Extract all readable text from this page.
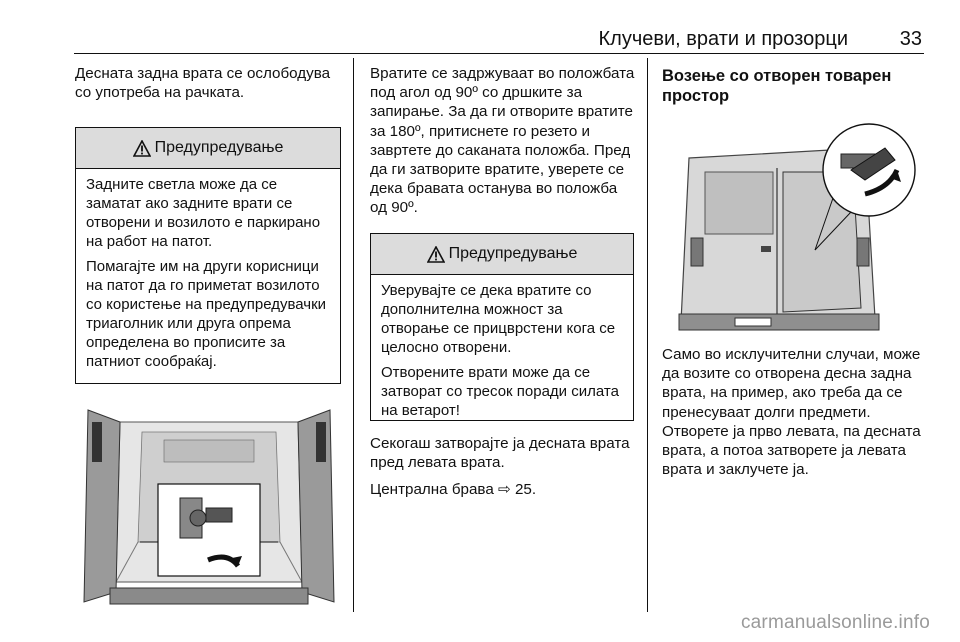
Клучеви, врати и прозорци	33

Десната задна врата се ослободува со употреба на рачката.

Предупредување

Задните светла може да се заматат ако задните врати се отворени и возилото е паркирано на работ на патот.

Помагајте им на други корисници на патот да го приметат возилото со користење на предупредувачки триаголник или друга опрема определена во прописите за патниот сообраќај.

Вратите се задржуваат во положбата под агол од 90º со дршките за запирање. За да ги отворите вратите за 180º, притиснете го резето и завртете до саканата положба. Пред да ги затворите вратите, уверете се дека бравата останува во положба од 90º.

Предупредување

Уверувајте се дека вратите со дополнителна можност за отворање се прицврстени кога се целосно отворени.

Отворените врати може да се затворат со тресок поради силата на ветарот!

Секогаш затворајте ја десната врата пред левата врата.

Централна брава ⇨ 25.

Возење со отворен товарен простор

Само во исклучителни случаи, може да возите со отворена десна задна врата, на пример, ако треба да се пренесуваат долги предмети. Отворете ја прво левата, па десната врата, а потоа затворете ја левата врата и заклучете ја.

carmanualsonline.info
